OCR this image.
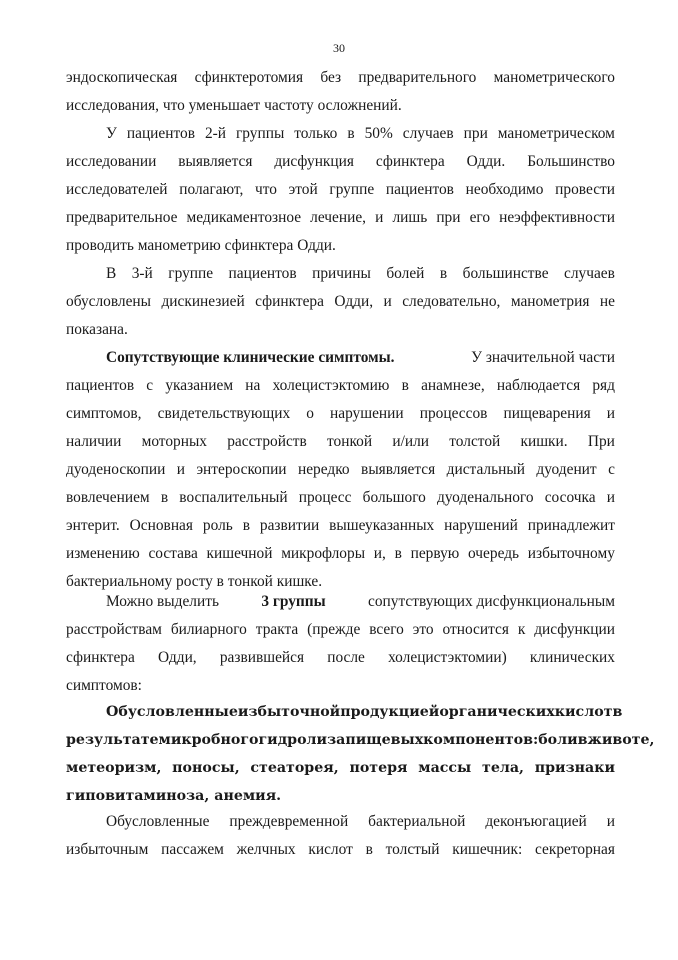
30
эндоскопическая сфинктеротомия без предварительного манометрического
исследования, что уменьшает частоту осложнений.
У пациентов 2-й группы только в 50% случаев при манометрическом
исследовании выявляется дисфункция сфинктера Одди. Большинство
исследователей полагают, что этой группе пациентов необходимо провести
предварительное медикаментозное лечение, и лишь при его неэффективности
проводить манометрию сфинктера Одди.
В 3-й группе пациентов причины болей в большинстве случаев
обусловлены дискинезией сфинктера Одди, и следовательно, манометрия не
показана.
Сопутствующие клинические симптомы.	У значительной части
пациентов с указанием на холецистэктомию в анамнезе, наблюдается ряд
симптомов, свидетельствующих о нарушении процессов пищеварения и
наличии моторных расстройств тонкой и/или толстой кишки. При
дуоденоскопии и энтероскопии нередко выявляется дистальный дуоденит с
вовлечением в воспалительный процесс большого дуоденального сосочка и
энтерит. Основная роль в развитии вышеуказанных нарушений принадлежит
изменению состава кишечной микрофлоры и, в первую очередь избыточному
бактериальному росту в тонкой кишке.
Можно выделить	3 группы	сопутствующих дисфункциональным
расстройствам билиарного тракта (прежде всего это относится к дисфункции
сфинктера Одди, развившейся после холецистэктомии) клинических
симптомов:
Обусловленные избыточной продукцией органических кислот в
результате микробного гидролиза пищевых компонентов: боли в животе,
метеоризм, поносы, стеаторея, потеря массы тела, признаки
гиповитаминоза, анемия.
Обусловленные преждевременной бактериальной деконъюгацией и
избыточным пассажем желчных кислот в толстый кишечник: секреторная
